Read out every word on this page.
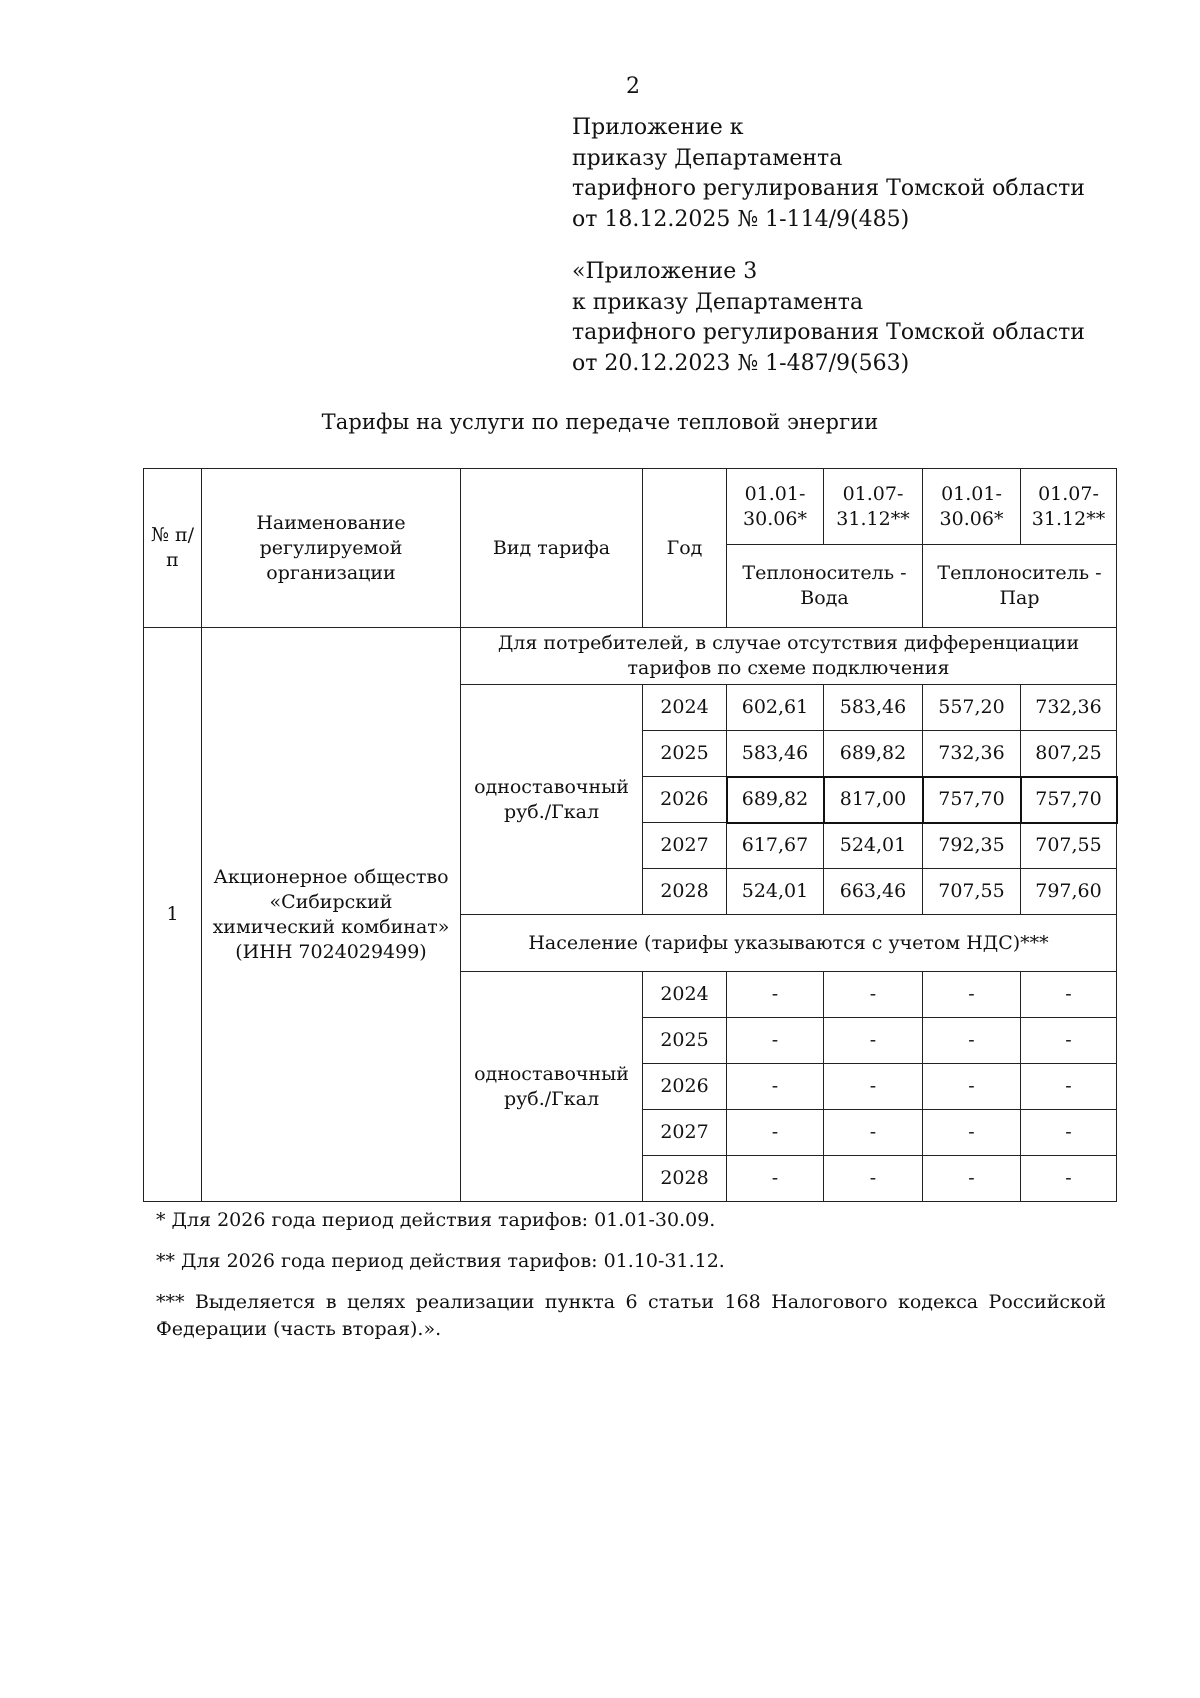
2
Приложение к
приказу Департамента
тарифного регулирования Томской области
от 18.12.2025 № 1-114/9(485)
«Приложение 3
к приказу Департамента
тарифного регулирования Томской области
от 20.12.2023 № 1-487/9(563)
Тарифы на услуги по передаче тепловой энергии
№ п/п	Наименование регулируемой организации	Вид тарифа	Год	01.01-30.06*	01.07-31.12**	01.01-30.06*	01.07-31.12**
				Теплоноситель - Вода		Теплоноситель - Пар	
1	Акционерное общество «Сибирский химический комбинат» (ИНН 7024029499)	Для потребителей, в случае отсутствия дифференциации тарифов по схеме подключения					
		одноставочный руб./Гкал	2024	602,61	583,46	557,20	732,36
			2025	583,46	689,82	732,36	807,25
			2026	689,82	817,00	757,70	757,70
			2027	617,67	524,01	792,35	707,55
			2028	524,01	663,46	707,55	797,60
		Население (тарифы указываются с учетом НДС)***					
		одноставочный руб./Гкал	2024	-	-	-	-
			2025	-	-	-	-
			2026	-	-	-	-
			2027	-	-	-	-
			2028	-	-	-	-
* Для 2026 года период действия тарифов: 01.01-30.09.
** Для 2026 года период действия тарифов: 01.10-31.12.
*** Выделяется в целях реализации пункта 6 статьи 168 Налогового кодекса Российской Федерации (часть вторая).».
